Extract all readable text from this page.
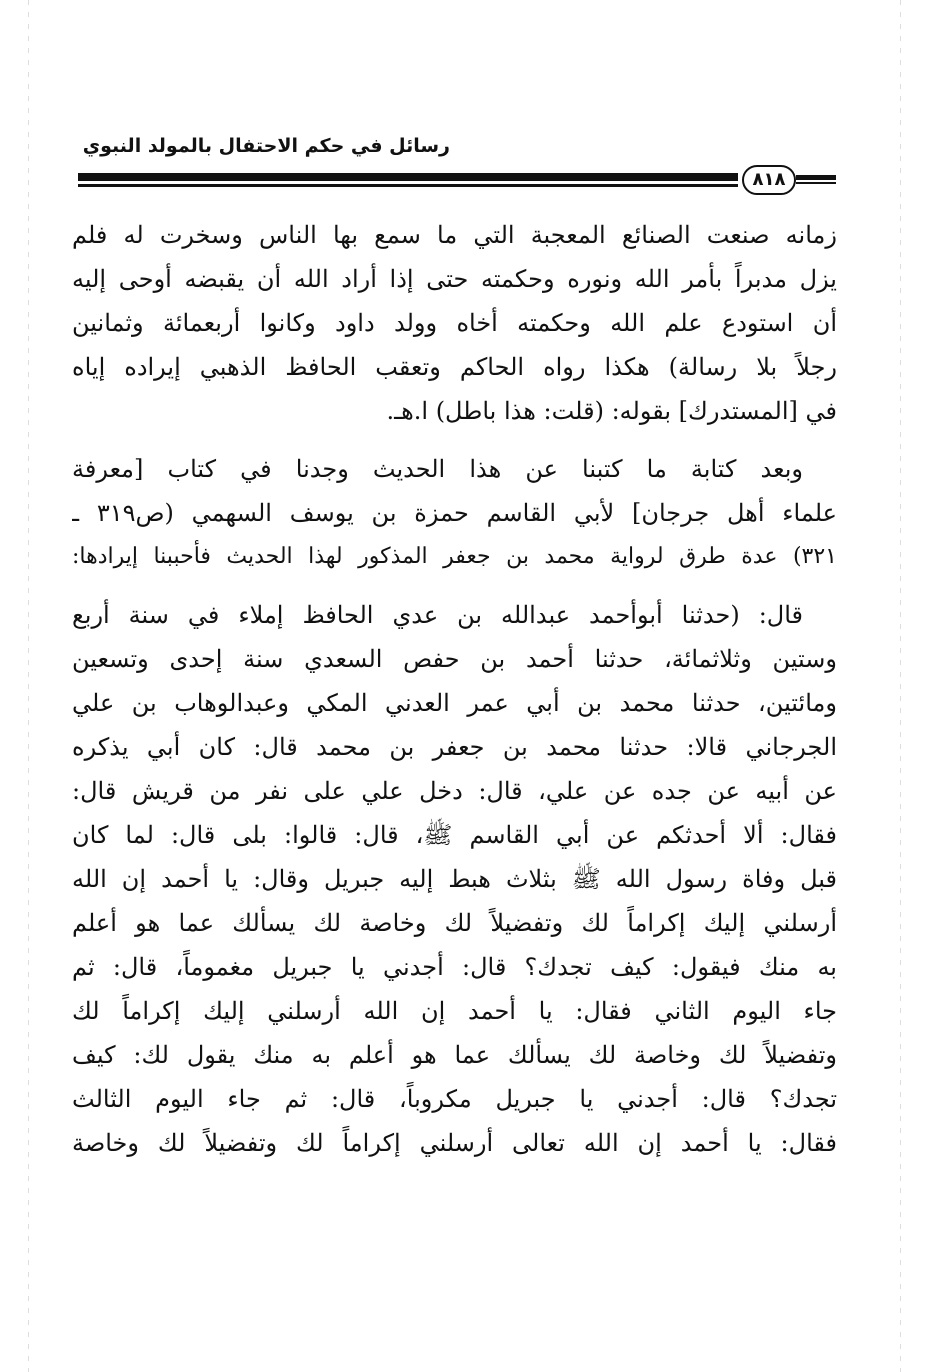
رسائل في حكم الاحتفال بالمولد النبوي
٨١٨
زمانه صنعت الصنائع المعجبة التي ما سمع بها الناس وسخرت له فلم
يزل مدبراً بأمر الله ونوره وحكمته حتى إذا أراد الله أن يقبضه أوحى إليه
أن استودع علم الله وحكمته أخاه وولد داود وكانوا أربعمائة وثمانين
رجلاً بلا رسالة) هكذا رواه الحاكم وتعقب الحافظ الذهبي إيراده إياه
في [المستدرك] بقوله: (قلت: هذا باطل) ا.هـ.
وبعد كتابة ما كتبنا عن هذا الحديث وجدنا في كتاب [معرفة
علماء أهل جرجان] لأبي القاسم حمزة بن يوسف السهمي (ص٣١٩ ـ
٣٢١) عدة طرق لرواية محمد بن جعفر المذكور لهذا الحديث فأحببنا إيرادها:
قال: (حدثنا أبوأحمد عبدالله بن عدي الحافظ إملاء في سنة أربع
وستين وثلاثمائة، حدثنا أحمد بن حفص السعدي سنة إحدى وتسعين
ومائتين، حدثنا محمد بن أبي عمر العدني المكي وعبدالوهاب بن علي
الجرجاني قالا: حدثنا محمد بن جعفر بن محمد قال: كان أبي يذكره
عن أبيه عن جده عن علي، قال: دخل علي على نفر من قريش قال:
فقال: ألا أحدثكم عن أبي القاسم ﷺ، قال: قالوا: بلى قال: لما كان
قبل وفاة رسول الله ﷺ بثلاث هبط إليه جبريل وقال: يا أحمد إن الله
أرسلني إليك إكراماً لك وتفضيلاً لك وخاصة لك يسألك عما هو أعلم
به منك فيقول: كيف تجدك؟ قال: أجدني يا جبريل مغموماً، قال: ثم
جاء اليوم الثاني فقال: يا أحمد إن الله أرسلني إليك إكراماً لك
وتفضيلاً لك وخاصة لك يسألك عما هو أعلم به منك يقول لك: كيف
تجدك؟ قال: أجدني يا جبريل مكروباً، قال: ثم جاء اليوم الثالث
فقال: يا أحمد إن الله تعالى أرسلني إكراماً لك وتفضيلاً لك وخاصة
